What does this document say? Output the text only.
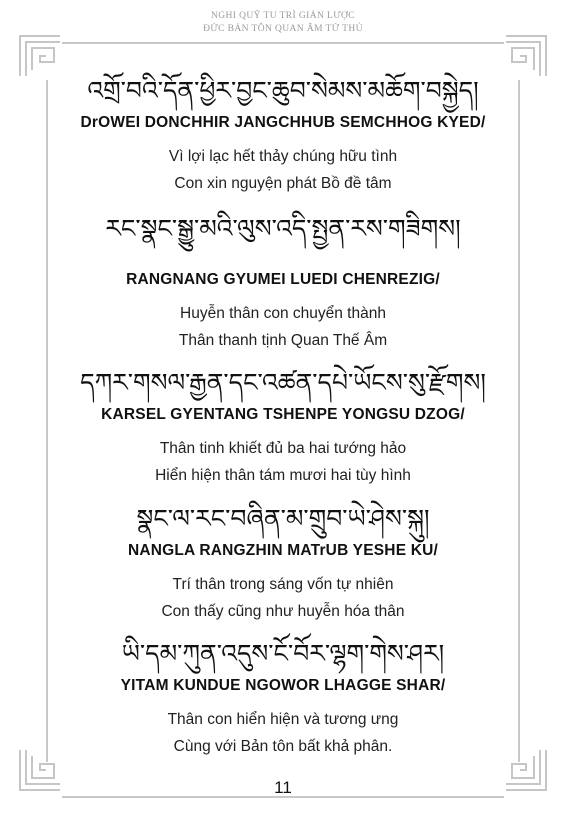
NGHI QUỸ TU TRÌ GIẢN LƯỢC
ĐỨC BẢN TÔN QUAN ÂM TỨ THỦ
འགྲོ་བའི་དོན་ཕྱིར་བྱང་ཆུབ་སེམས་མཆོག་བསྐྱེད།
DrOWEI DONCHHIR JANGCHHUB SEMCHHOG KYED/
Vì lợi lạc hết thảy chúng hữu tình
Con xin nguyện phát Bồ đề tâm
རང་སྣང་སྒྱུ་མའི་ལུས་འདི་སྤྱན་རས་གཟིགས།
RANGNANG GYUMEI LUEDI CHENREZIG/
Huyễn thân con chuyển thành
Thân thanh tịnh Quan Thế Âm
དཀར་གསལ་རྒྱན་དང་འཚན་དཔེ་ཡོངས་སུ་རྫོགས།
KARSEL GYENTANG TSHENPE YONGSU DZOG/
Thân tinh khiết đủ ba hai tướng hảo
Hiển hiện thân tám mươi hai tùy hình
སྣང་ལ་རང་བཞིན་མ་གྲུབ་ཡེ་ཤེས་སྐུ།
NANGLA RANGZHIN MATrUB YESHE KU/
Trí thân trong sáng vốn tự nhiên
Con thấy cũng như huyễn hóa thân
ཡི་དམ་ཀུན་འདུས་ངོ་བོར་ལྷག་གེས་ཤར།
YITAM KUNDUE NGOWOR LHAGGE SHAR/
Thân con hiển hiện và tương ưng
Cùng với Bản tôn bất khả phân.
11
